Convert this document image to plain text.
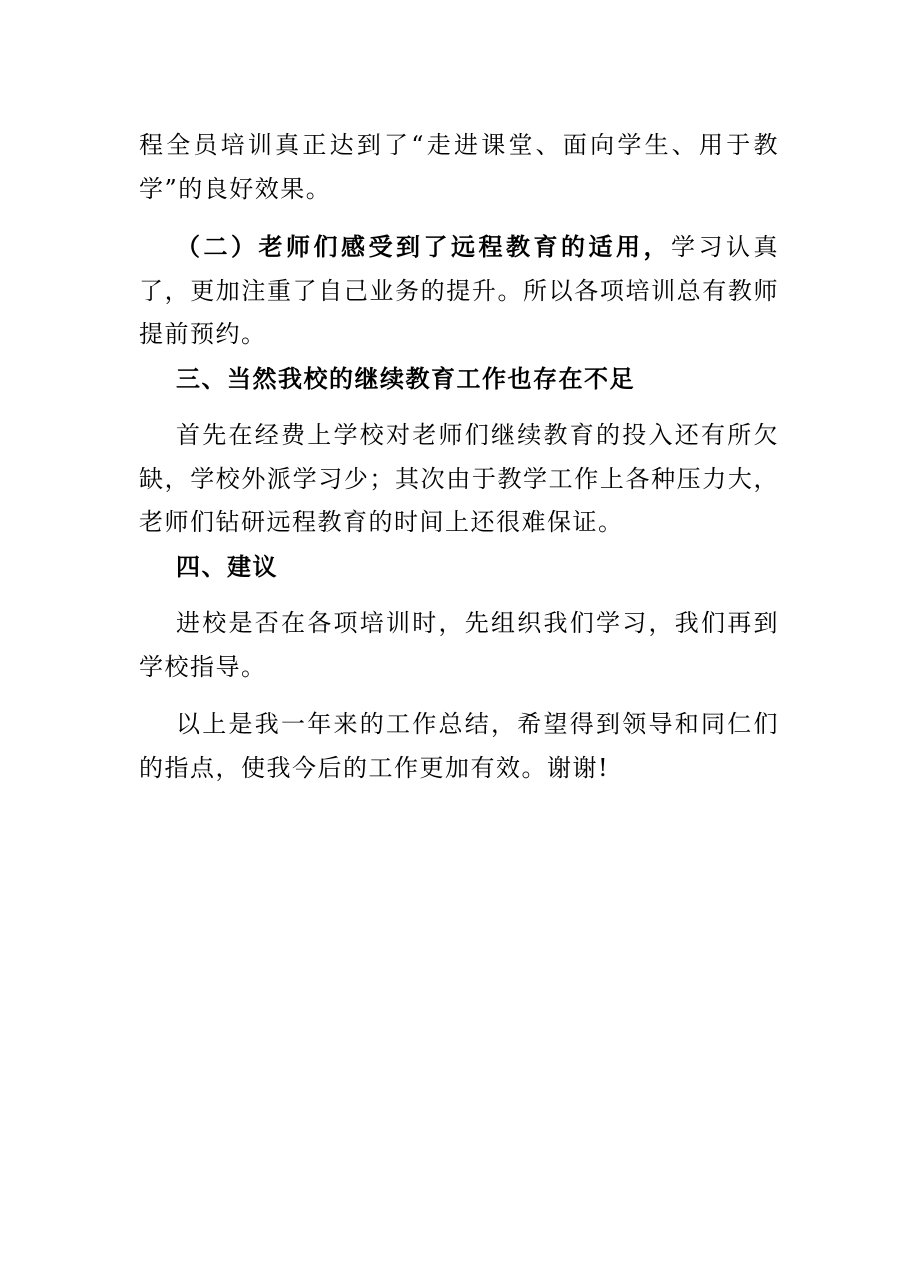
程全员培训真正达到了“走进课堂、面向学生、用于教学”的良好效果。

（二）老师们感受到了远程教育的适用，学习认真了，更加注重了自己业务的提升。所以各项培训总有教师提前预约。

三、当然我校的继续教育工作也存在不足

首先在经费上学校对老师们继续教育的投入还有所欠缺，学校外派学习少；其次由于教学工作上各种压力大，老师们钻研远程教育的时间上还很难保证。

四、建议

进校是否在各项培训时，先组织我们学习，我们再到学校指导。

以上是我一年来的工作总结，希望得到领导和同仁们的指点，使我今后的工作更加有效。谢谢!
